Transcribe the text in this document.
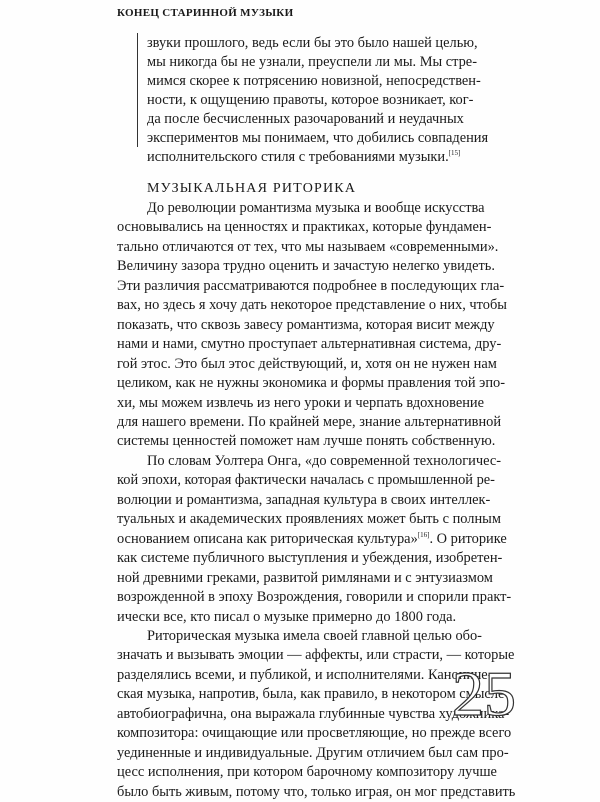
КОНЕЦ СТАРИННОЙ МУЗЫКИ
звуки прошлого, ведь если бы это было нашей целью,
мы никогда бы не узнали, преуспели ли мы. Мы стре-
мимся скорее к потрясению новизной, непосредствен-
ности, к ощущению правоты, которое возникает, ког-
да после бесчисленных разочарований и неудачных
экспериментов мы понимаем, что добились совпадения
исполнительского стиля с требованиями музыки.[15]
МУЗЫКАЛЬНАЯ РИТОРИКА
До революции романтизма музыка и вообще искусства
основывались на ценностях и практиках, которые фундамен-
тально отличаются от тех, что мы называем «современными».
Величину зазора трудно оценить и зачастую нелегко увидеть.
Эти различия рассматриваются подробнее в последующих гла-
вах, но здесь я хочу дать некоторое представление о них, чтобы
показать, что сквозь завесу романтизма, которая висит между
нами и нами, смутно проступает альтернативная система, дру-
гой этос. Это был этос действующий, и, хотя он не нужен нам
целиком, как не нужны экономика и формы правления той эпо-
хи, мы можем извлечь из него уроки и черпать вдохновение
для нашего времени. По крайней мере, знание альтернативной
системы ценностей поможет нам лучше понять собственную.
По словам Уолтера Онга, «до современной технологичес-
кой эпохи, которая фактически началась с промышленной ре-
волюции и романтизма, западная культура в своих интеллек-
туальных и академических проявлениях может быть с полным
основанием описана как риторическая культура»[16]. О риторике
как системе публичного выступления и убеждения, изобретен-
ной древними греками, развитой римлянами и с энтузиазмом
возрожденной в эпоху Возрождения, говорили и спорили практ-
ически все, кто писал о музыке примерно до 1800 года.
Риторическая музыка имела своей главной целью обо-
значать и вызывать эмоции — аффекты, или страсти, — которые
разделялись всеми, и публикой, и исполнителями. Канониче-
ская музыка, напротив, была, как правило, в некотором смысле
автобиографична, она выражала глубинные чувства художника-
композитора: очищающие или просветляющие, но прежде всего
уединенные и индивидуальные. Другим отличием был сам про-
цесс исполнения, при котором барочному композитору лучше
было быть живым, потому что, только играя, он мог представить
25
